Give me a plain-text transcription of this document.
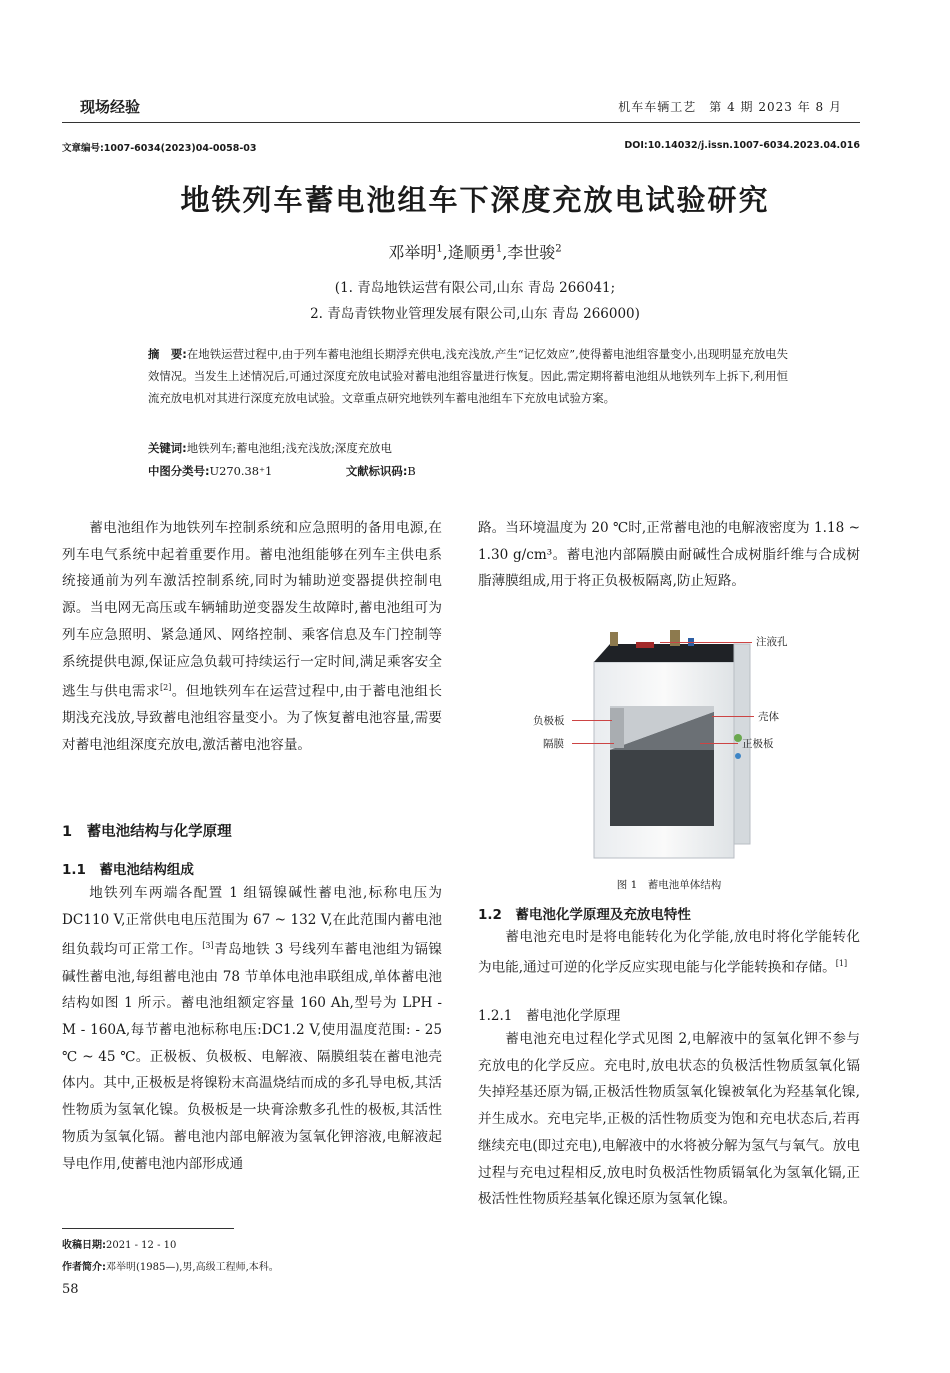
现场经验	机车车辆工艺　第 4 期 2023 年 8 月
文章编号:1007-6034(2023)04-0058-03	DOI:10.14032/j.issn.1007-6034.2023.04.016
地铁列车蓄电池组车下深度充放电试验研究
邓举明$^1$,逄顺勇$^1$,李世骏$^2$
(1. 青岛地铁运营有限公司,山东 青岛 266041;
2. 青岛青铁物业管理发展有限公司,山东 青岛 266000)
摘　要:在地铁运营过程中,由于列车蓄电池组长期浮充供电,浅充浅放,产生“记忆效应”,使得蓄电池组容量变小,出现明显充放电失效情况。当发生上述情况后,可通过深度充放电试验对蓄电池组容量进行恢复。因此,需定期将蓄电池组从地铁列车上拆下,利用恒流充放电机对其进行深度充放电试验。文章重点研究地铁列车蓄电池组车下充放电试验方案。
关键词:地铁列车;蓄电池组;浅充浅放;深度充放电
中图分类号:U270.38⁺1	文献标识码:B

蓄电池组作为地铁列车控制系统和应急照明的备用电源,在列车电气系统中起着重要作用。蓄电池组能够在列车主供电系统接通前为列车激活控制系统,同时为辅助逆变器提供控制电源。当电网无高压或车辆辅助逆变器发生故障时,蓄电池组可为列车应急照明、紧急通风、网络控制、乘客信息及车门控制等系统提供电源,保证应急负载可持续运行一定时间,满足乘客安全逃生与供电需求[2]。但地铁列车在运营过程中,由于蓄电池组长期浅充浅放,导致蓄电池组容量变小。为了恢复蓄电池容量,需要对蓄电池组深度充放电,激活蓄电池容量。

1　蓄电池结构与化学原理
1.1　蓄电池结构组成

地铁列车两端各配置 1 组镉镍碱性蓄电池,标称电压为 DC110 V,正常供电电压范围为 67 ~ 132 V,在此范围内蓄电池组负载均可正常工作。[3]青岛地铁 3 号线列车蓄电池组为镉镍碱性蓄电池,每组蓄电池由 78 节单体电池串联组成,单体蓄电池结构如图 1 所示。蓄电池组额定容量 160 Ah,型号为 LPH - M - 160A,每节蓄电池标称电压:DC1.2 V,使用温度范围: - 25 ℃ ~ 45 ℃。正极板、负极板、电解液、隔膜组装在蓄电池壳体内。其中,正极板是将镍粉末高温烧结而成的多孔导电板,其活性物质为氢氧化镍。负极板是一块膏涂敷多孔性的极板,其活性物质为氢氧化镉。蓄电池内部电解液为氢氧化钾溶液,电解液起导电作用,使蓄电池内部形成通

路。当环境温度为 20 ℃时,正常蓄电池的电解液密度为 1.18 ~ 1.30 g/cm³。蓄电池内部隔膜由耐碱性合成树脂纤维与合成树脂薄膜组成,用于将正负极板隔离,防止短路。

注液孔
负极板	壳体
隔膜	正极板
图 1　蓄电池单体结构
1.2　蓄电池化学原理及充放电特性

蓄电池充电时是将电能转化为化学能,放电时将化学能转化为电能,通过可逆的化学反应实现电能与化学能转换和存储。[1]

1.2.1　蓄电池化学原理

蓄电池充电过程化学式见图 2,电解液中的氢氧化钾不参与充放电的化学反应。充电时,放电状态的负极活性物质氢氧化镉失掉羟基还原为镉,正极活性物质氢氧化镍被氧化为羟基氧化镍,并生成水。充电完毕,正极的活性物质变为饱和充电状态后,若再继续充电(即过充电),电解液中的水将被分解为氢气与氧气。放电过程与充电过程相反,放电时负极活性物质镉氧化为氢氧化镉,正极活性性物质羟基氧化镍还原为氢氧化镍。

收稿日期:2021 - 12 - 10
作者简介:邓举明(1985—),男,高级工程师,本科。
58
